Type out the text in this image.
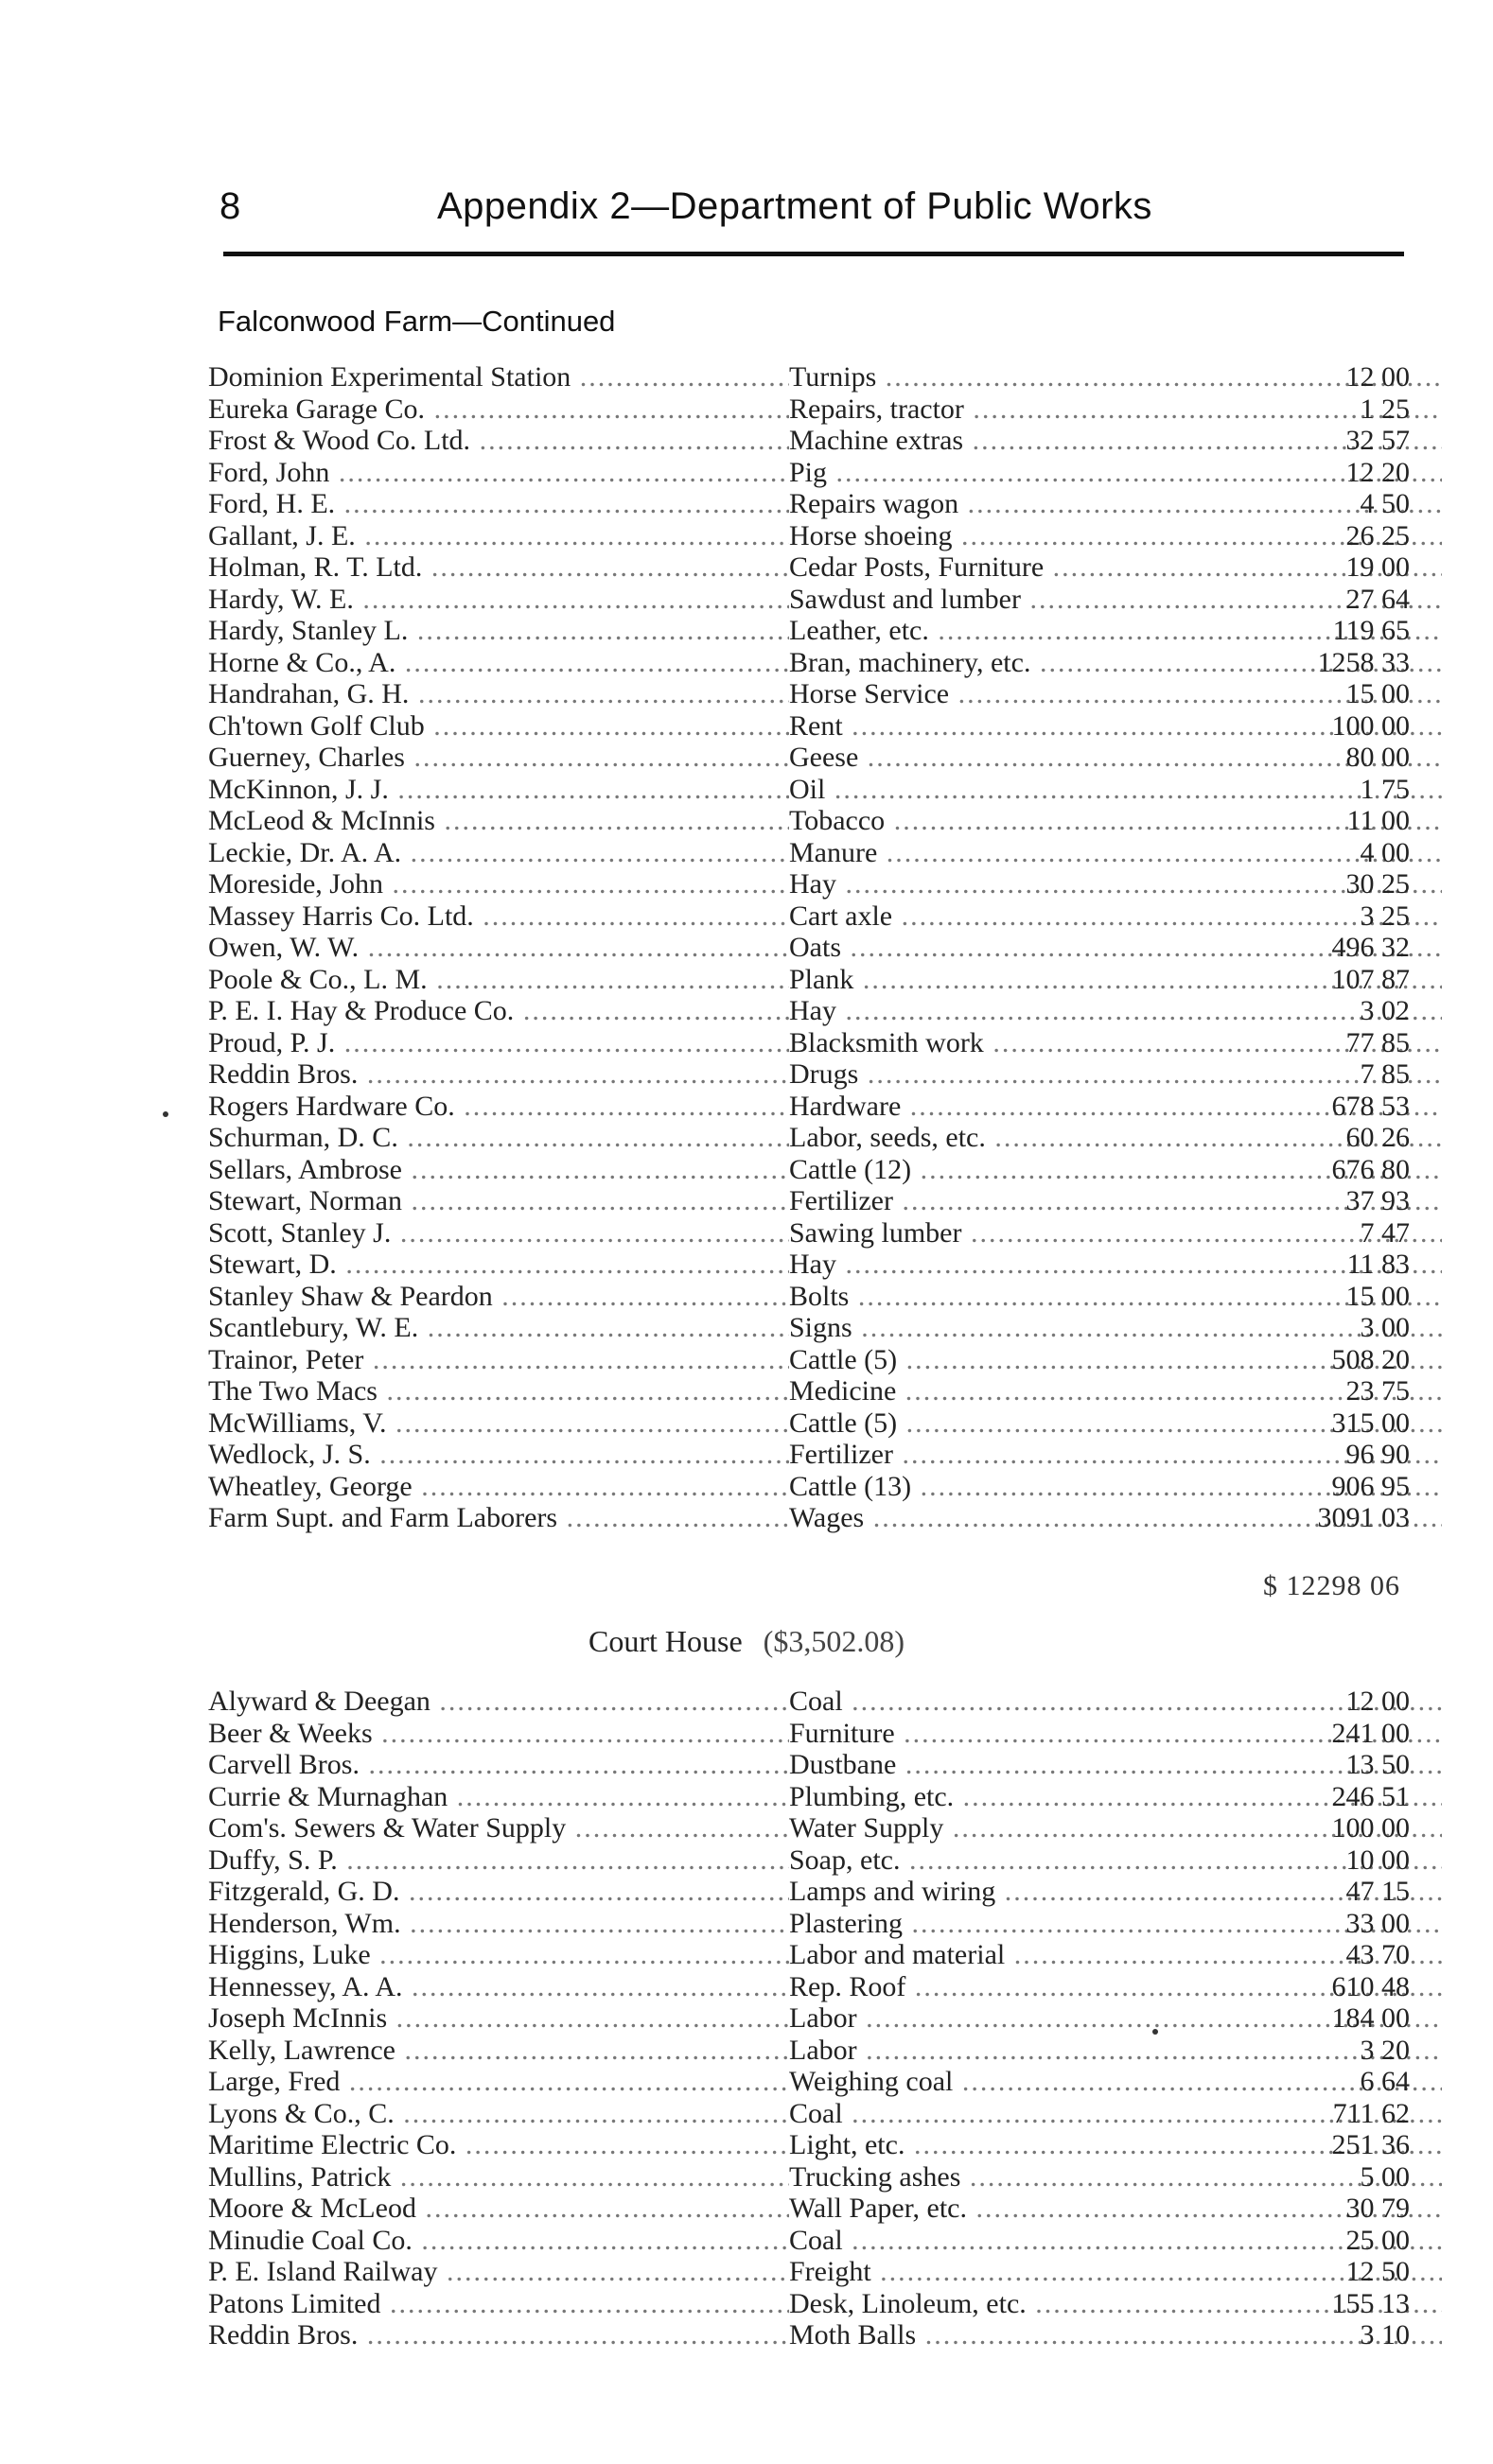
8	Appendix 2—Department of Public Works
Falconwood Farm—Continued
Dominion Experimental Station .....	Turnips .....	12 00
Eureka Garage Co. .....	Repairs, tractor .....	1 25
Frost & Wood Co. Ltd. .....	Machine extras .....	32 57
Ford, John .....	Pig .....	12 20
Ford, H. E. .....	Repairs wagon .....	4 50
Gallant, J. E. .....	Horse shoeing .....	26 25
Holman, R. T. Ltd. .....	Cedar Posts, Furniture .....	19 00
Hardy, W. E. .....	Sawdust and lumber .....	27 64
Hardy, Stanley L. .....	Leather, etc. .....	119 65
Horne & Co., A. .....	Bran, machinery, etc. .....	1258 33
Handrahan, G. H. .....	Horse Service .....	15 00
Ch'town Golf Club .....	Rent .....	100 00
Guerney, Charles .....	Geese .....	80 00
McKinnon, J. J. .....	Oil .....	1 75
McLeod & McInnis .....	Tobacco .....	11 00
Leckie, Dr. A. A. .....	Manure .....	4 00
Moreside, John .....	Hay .....	30 25
Massey Harris Co. Ltd. .....	Cart axle .....	3 25
Owen, W. W. .....	Oats .....	496 32
Poole & Co., L. M. .....	Plank .....	107 87
P. E. I. Hay & Produce Co. .....	Hay .....	3 02
Proud, P. J. .....	Blacksmith work .....	77 85
Reddin Bros. .....	Drugs .....	7 85
Rogers Hardware Co. .....	Hardware .....	678 53
Schurman, D. C. .....	Labor, seeds, etc. .....	60 26
Sellars, Ambrose .....	Cattle (12) .....	676 80
Stewart, Norman .....	Fertilizer .....	37 93
Scott, Stanley J. .....	Sawing lumber .....	7 47
Stewart, D. .....	Hay .....	11 83
Stanley Shaw & Peardon .....	Bolts .....	15 00
Scantlebury, W. E. .....	Signs .....	3 00
Trainor, Peter .....	Cattle (5) .....	508 20
The Two Macs .....	Medicine .....	23 75
McWilliams, V. .....	Cattle (5) .....	315 00
Wedlock, J. S. .....	Fertilizer .....	96 90
Wheatley, George .....	Cattle (13) .....	906 95
Farm Supt. and Farm Laborers .....	Wages .....	3091 03
$ 12298 06
Court House ($3,502.08)
Alyward & Deegan .....	Coal .....	12 00
Beer & Weeks .....	Furniture .....	241 00
Carvell Bros. .....	Dustbane .....	13 50
Currie & Murnaghan .....	Plumbing, etc. .....	246 51
Com's. Sewers & Water Supply .....	Water Supply .....	100 00
Duffy, S. P. .....	Soap, etc. .....	10 00
Fitzgerald, G. D. .....	Lamps and wiring .....	47 15
Henderson, Wm. .....	Plastering .....	33 00
Higgins, Luke .....	Labor and material .....	43 70
Hennessey, A. A. .....	Rep. Roof .....	610 48
Joseph McInnis .....	Labor .....	184 00
Kelly, Lawrence .....	Labor .....	3 20
Large, Fred .....	Weighing coal .....	6 64
Lyons & Co., C. .....	Coal .....	711 62
Maritime Electric Co. .....	Light, etc. .....	251 36
Mullins, Patrick .....	Trucking ashes .....	5 00
Moore & McLeod .....	Wall Paper, etc. .....	30 79
Minudie Coal Co. .....	Coal .....	25 00
P. E. Island Railway .....	Freight .....	12 50
Patons Limited .....	Desk, Linoleum, etc. .....	155 13
Reddin Bros. .....	Moth Balls .....	3 10
